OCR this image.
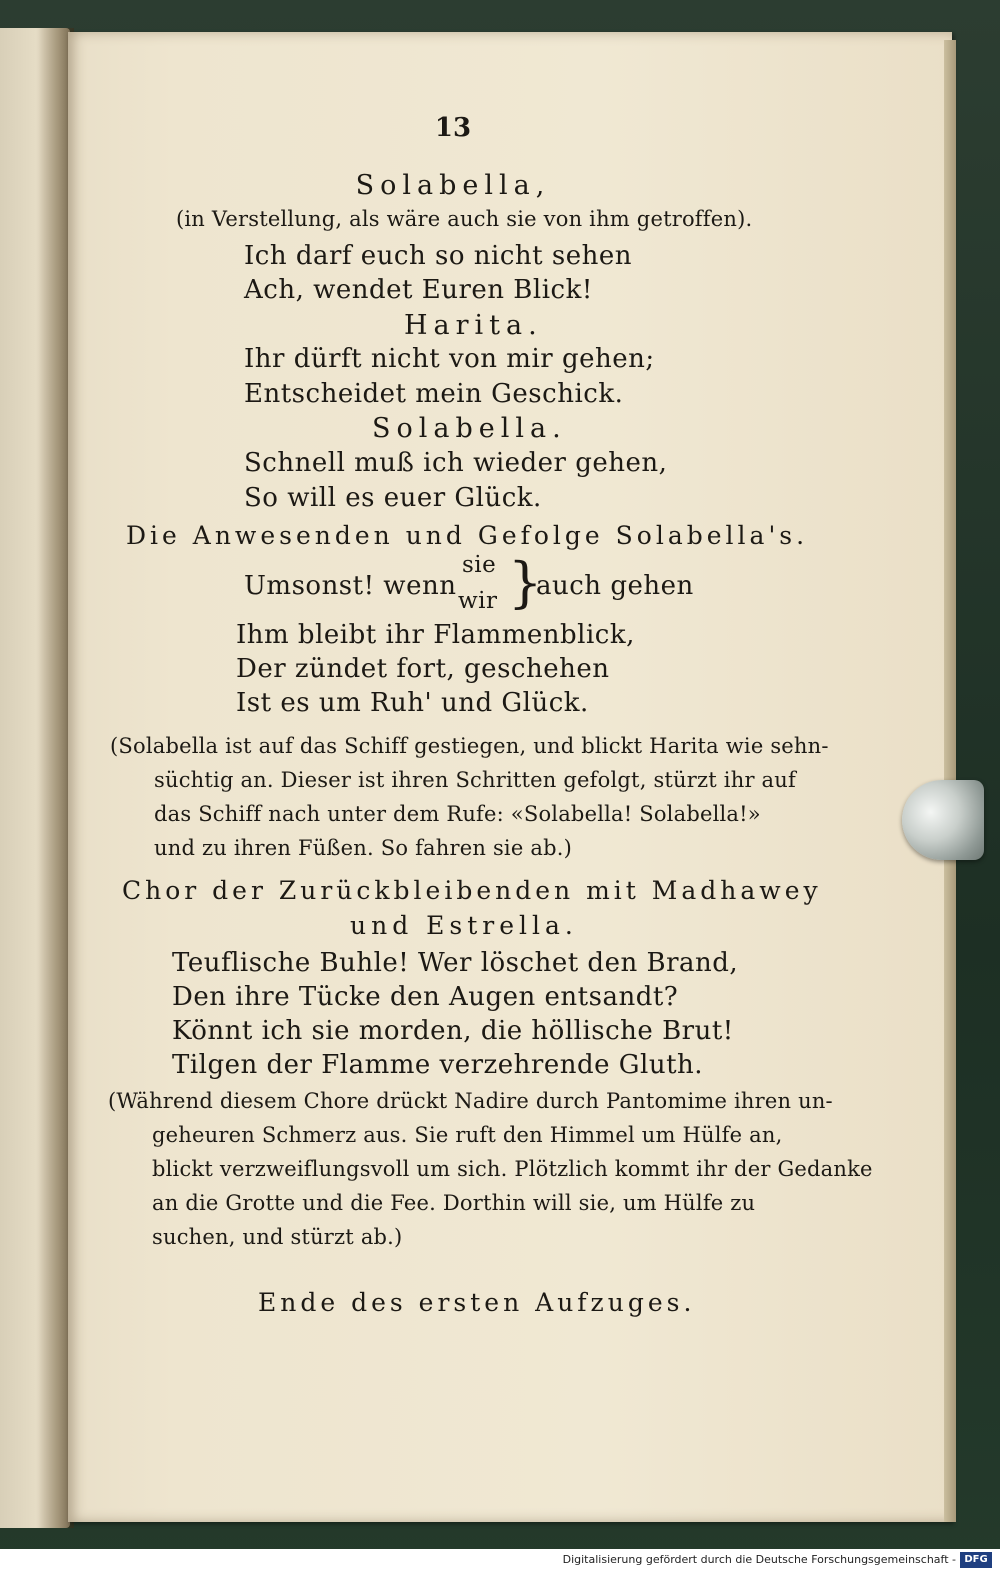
13
Solabella,
(in Verstellung, als wäre auch sie von ihm getroffen).
Ich darf euch so nicht sehen
Ach, wendet Euren Blick!
Harita.
Ihr dürft nicht von mir gehen;
Entscheidet mein Geschick.
Solabella.
Schnell muß ich wieder gehen,
So will es euer Glück.
Die Anwesenden und Gefolge Solabella's.
Umsonst! wenn
sie
wir }
auch gehen
Ihm bleibt ihr Flammenblick,
Der zündet fort, geschehen
Ist es um Ruh' und Glück.
(Solabella ist auf das Schiff gestiegen, und blickt Harita wie sehn-
süchtig an. Dieser ist ihren Schritten gefolgt, stürzt ihr auf
das Schiff nach unter dem Rufe: «Solabella! Solabella!»
und zu ihren Füßen. So fahren sie ab.)
Chor der Zurückbleibenden mit Madhawey
und Estrella.
Teuflische Buhle! Wer löschet den Brand,
Den ihre Tücke den Augen entsandt?
Könnt ich sie morden, die höllische Brut!
Tilgen der Flamme verzehrende Gluth.
(Während diesem Chore drückt Nadire durch Pantomime ihren un-
geheuren Schmerz aus. Sie ruft den Himmel um Hülfe an,
blickt verzweiflungsvoll um sich. Plötzlich kommt ihr der Gedanke
an die Grotte und die Fee. Dorthin will sie, um Hülfe zu
suchen, und stürzt ab.)
Ende des ersten Aufzuges.
Digitalisierung gefördert durch die Deutsche Forschungsgemeinschaft - DFG
